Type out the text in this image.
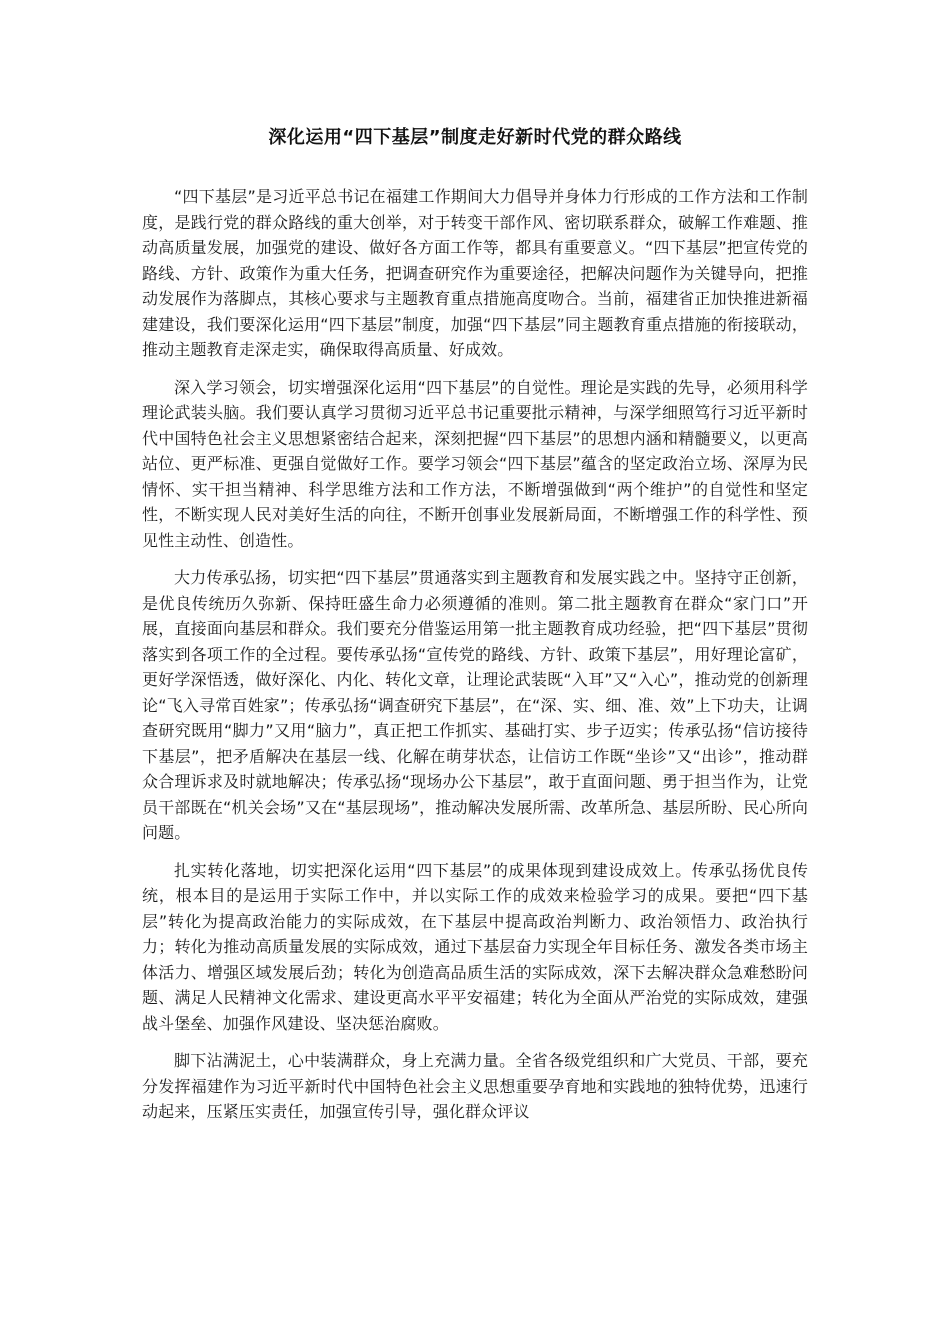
深化运用“四下基层”制度走好新时代党的群众路线

“四下基层”是习近平总书记在福建工作期间大力倡导并身体力行形成的工作方法和工作制度，是践行党的群众路线的重大创举，对于转变干部作风、密切联系群众，破解工作难题、推动高质量发展，加强党的建设、做好各方面工作等，都具有重要意义。“四下基层”把宣传党的路线、方针、政策作为重大任务，把调查研究作为重要途径，把解决问题作为关键导向，把推动发展作为落脚点，其核心要求与主题教育重点措施高度吻合。当前，福建省正加快推进新福建建设，我们要深化运用“四下基层”制度，加强“四下基层”同主题教育重点措施的衔接联动，推动主题教育走深走实，确保取得高质量、好成效。

深入学习领会，切实增强深化运用“四下基层”的自觉性。理论是实践的先导，必须用科学理论武装头脑。我们要认真学习贯彻习近平总书记重要批示精神，与深学细照笃行习近平新时代中国特色社会主义思想紧密结合起来，深刻把握“四下基层”的思想内涵和精髓要义，以更高站位、更严标准、更强自觉做好工作。要学习领会“四下基层”蕴含的坚定政治立场、深厚为民情怀、实干担当精神、科学思维方法和工作方法，不断增强做到“两个维护”的自觉性和坚定性，不断实现人民对美好生活的向往，不断开创事业发展新局面，不断增强工作的科学性、预见性主动性、创造性。

大力传承弘扬，切实把“四下基层”贯通落实到主题教育和发展实践之中。坚持守正创新，是优良传统历久弥新、保持旺盛生命力必须遵循的准则。第二批主题教育在群众“家门口”开展，直接面向基层和群众。我们要充分借鉴运用第一批主题教育成功经验，把“四下基层”贯彻落实到各项工作的全过程。要传承弘扬“宣传党的路线、方针、政策下基层”，用好理论富矿，更好学深悟透，做好深化、内化、转化文章，让理论武装既“入耳”又“入心”，推动党的创新理论“飞入寻常百姓家”；传承弘扬“调查研究下基层”，在“深、实、细、准、效”上下功夫，让调查研究既用“脚力”又用“脑力”，真正把工作抓实、基础打实、步子迈实；传承弘扬“信访接待下基层”，把矛盾解决在基层一线、化解在萌芽状态，让信访工作既“坐诊”又“出诊”，推动群众合理诉求及时就地解决；传承弘扬“现场办公下基层”，敢于直面问题、勇于担当作为，让党员干部既在“机关会场”又在“基层现场”，推动解决发展所需、改革所急、基层所盼、民心所向问题。

扎实转化落地，切实把深化运用“四下基层”的成果体现到建设成效上。传承弘扬优良传统，根本目的是运用于实际工作中，并以实际工作的成效来检验学习的成果。要把“四下基层”转化为提高政治能力的实际成效，在下基层中提高政治判断力、政治领悟力、政治执行力；转化为推动高质量发展的实际成效，通过下基层奋力实现全年目标任务、激发各类市场主体活力、增强区域发展后劲；转化为创造高品质生活的实际成效，深下去解决群众急难愁盼问题、满足人民精神文化需求、建设更高水平平安福建；转化为全面从严治党的实际成效，建强战斗堡垒、加强作风建设、坚决惩治腐败。

脚下沾满泥土，心中装满群众，身上充满力量。全省各级党组织和广大党员、干部，要充分发挥福建作为习近平新时代中国特色社会主义思想重要孕育地和实践地的独特优势，迅速行动起来，压紧压实责任，加强宣传引导，强化群众评议
